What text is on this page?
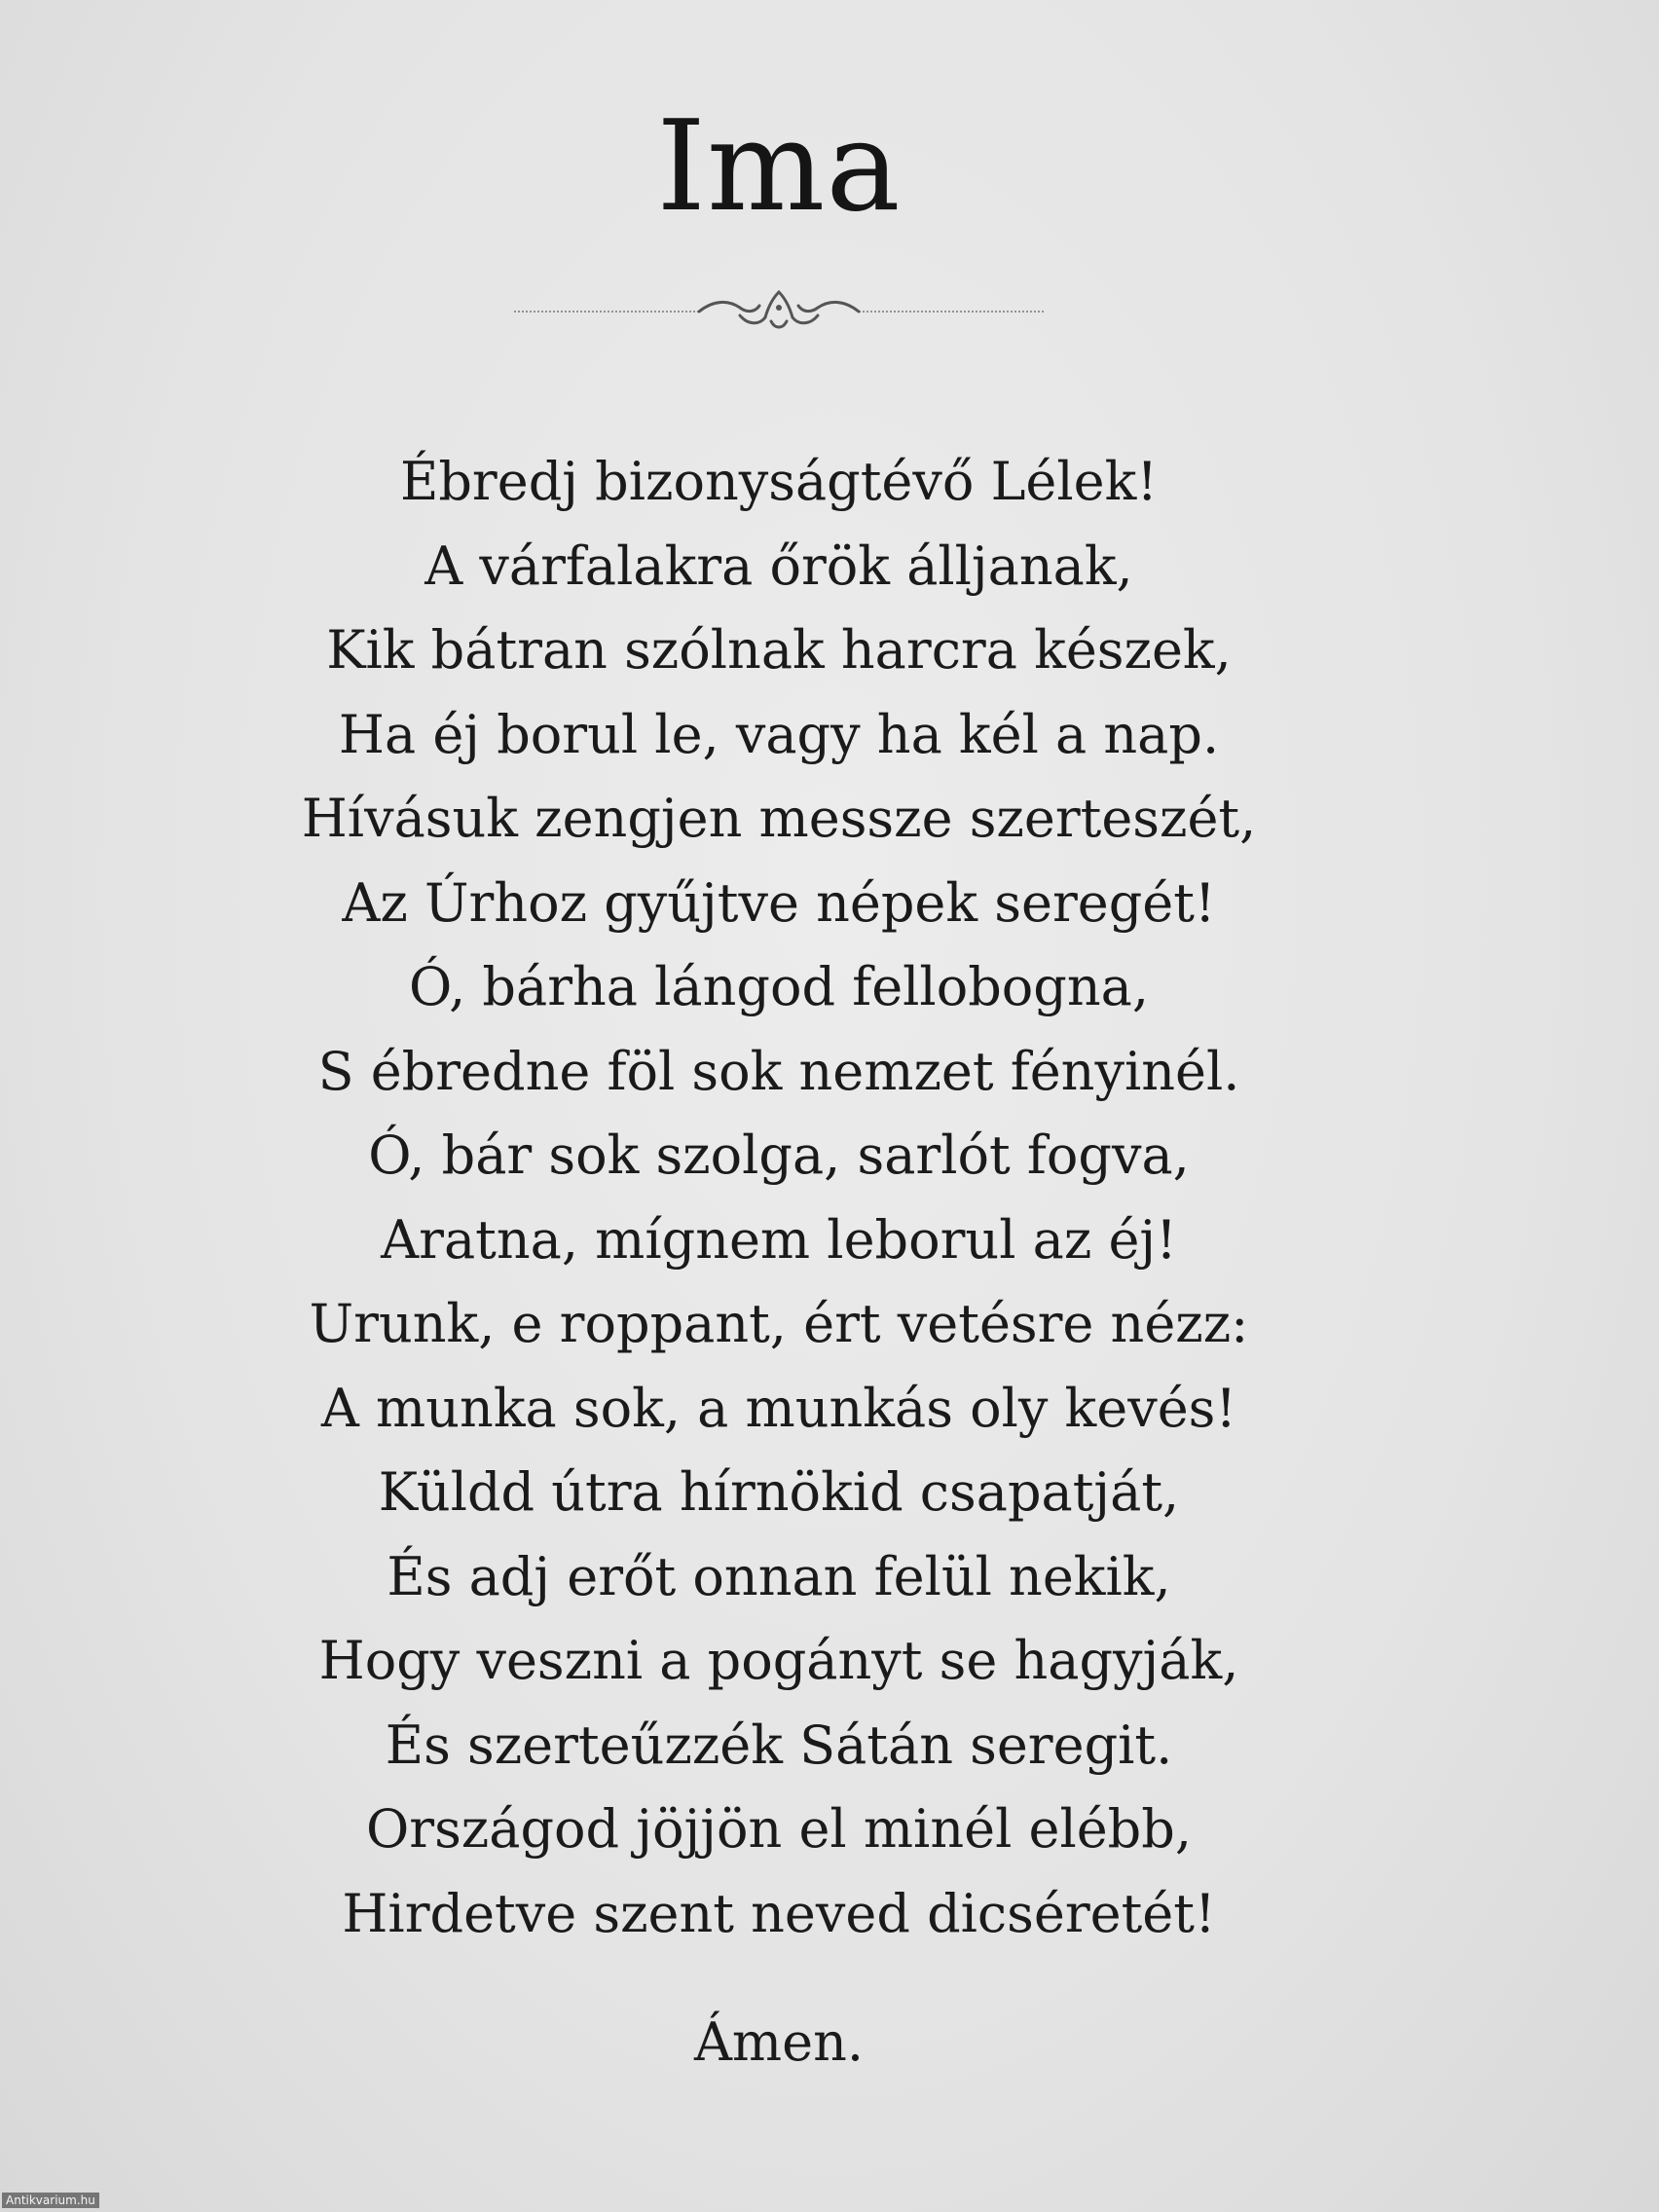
Ima
Ébredj bizonyságtévő Lélek!
A várfalakra őrök álljanak,
Kik bátran szólnak harcra készek,
Ha éj borul le, vagy ha kél a nap.
Hívásuk zengjen messze szerteszét,
Az Úrhoz gyűjtve népek seregét!
Ó, bárha lángod fellobogna,
S ébredne föl sok nemzet fényinél.
Ó, bár sok szolga, sarlót fogva,
Aratna, mígnem leborul az éj!
Urunk, e roppant, ért vetésre nézz:
A munka sok, a munkás oly kevés!
Küldd útra hírnökid csapatját,
És adj erőt onnan felül nekik,
Hogy veszni a pogányt se hagyják,
És szerteűzzék Sátán seregit.
Országod jöjjön el minél elébb,
Hirdetve szent neved dicséretét!
Ámen.
Antikvarium.hu
